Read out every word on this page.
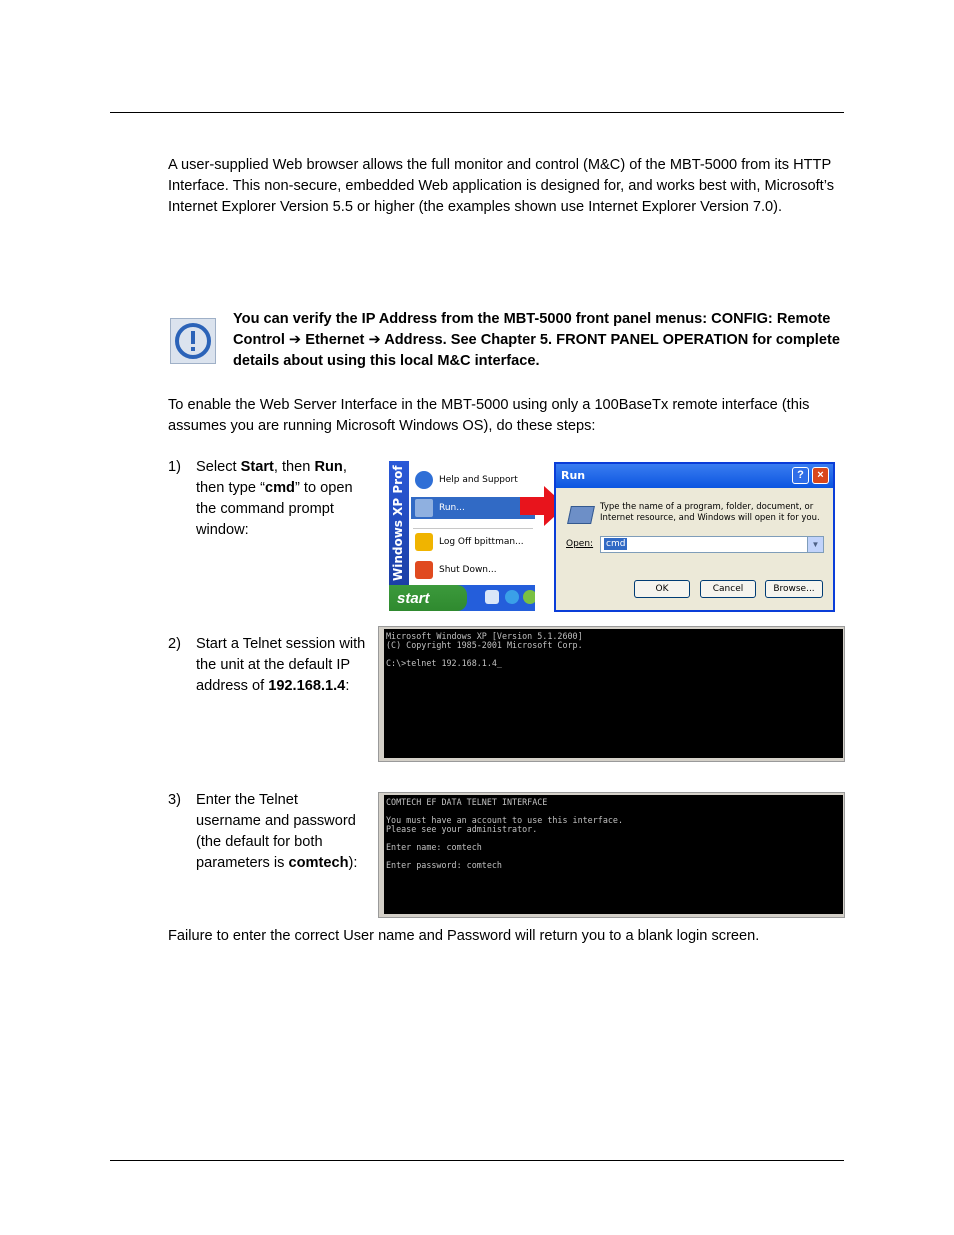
A user-supplied Web browser allows the full monitor and control (M&C) of the MBT-5000 from its HTTP Interface. This non-secure, embedded Web application is designed for, and works best with, Microsoft’s Internet Explorer Version 5.5 or higher (the examples shown use Internet Explorer Version 7.0).
You can verify the IP Address from the MBT-5000 front panel menus: CONFIG: Remote Control ➔ Ethernet ➔ Address. See Chapter 5. FRONT PANEL OPERATION for complete details about using this local M&C interface.
To enable the Web Server Interface in the MBT-5000 using only a 100BaseTx remote interface (this assumes you are running Microsoft Windows OS), do these steps:
1) Select Start, then Run, then type “cmd” to open the command prompt window:	Windows XP Prof	Help and Support
Run...
Log Off bpittman...
Shut Down...
start
Run	?	×
Type the name of a program, folder, document, or Internet resource, and Windows will open it for you.
Open: cmd	▼
OK	Cancel	Browse...
2) Start a Telnet session with the unit at the default IP address of 192.168.1.4:
Microsoft Windows XP [Version 5.1.2600]
(C) Copyright 1985-2001 Microsoft Corp.

C:\>telnet 192.168.1.4_
3) Enter the Telnet username and password (the default for both parameters is comtech):
COMTECH EF DATA TELNET INTERFACE

You must have an account to use this interface.
Please see your administrator.

Enter name: comtech

Enter password: comtech
Failure to enter the correct User name and Password will return you to a blank login screen.
